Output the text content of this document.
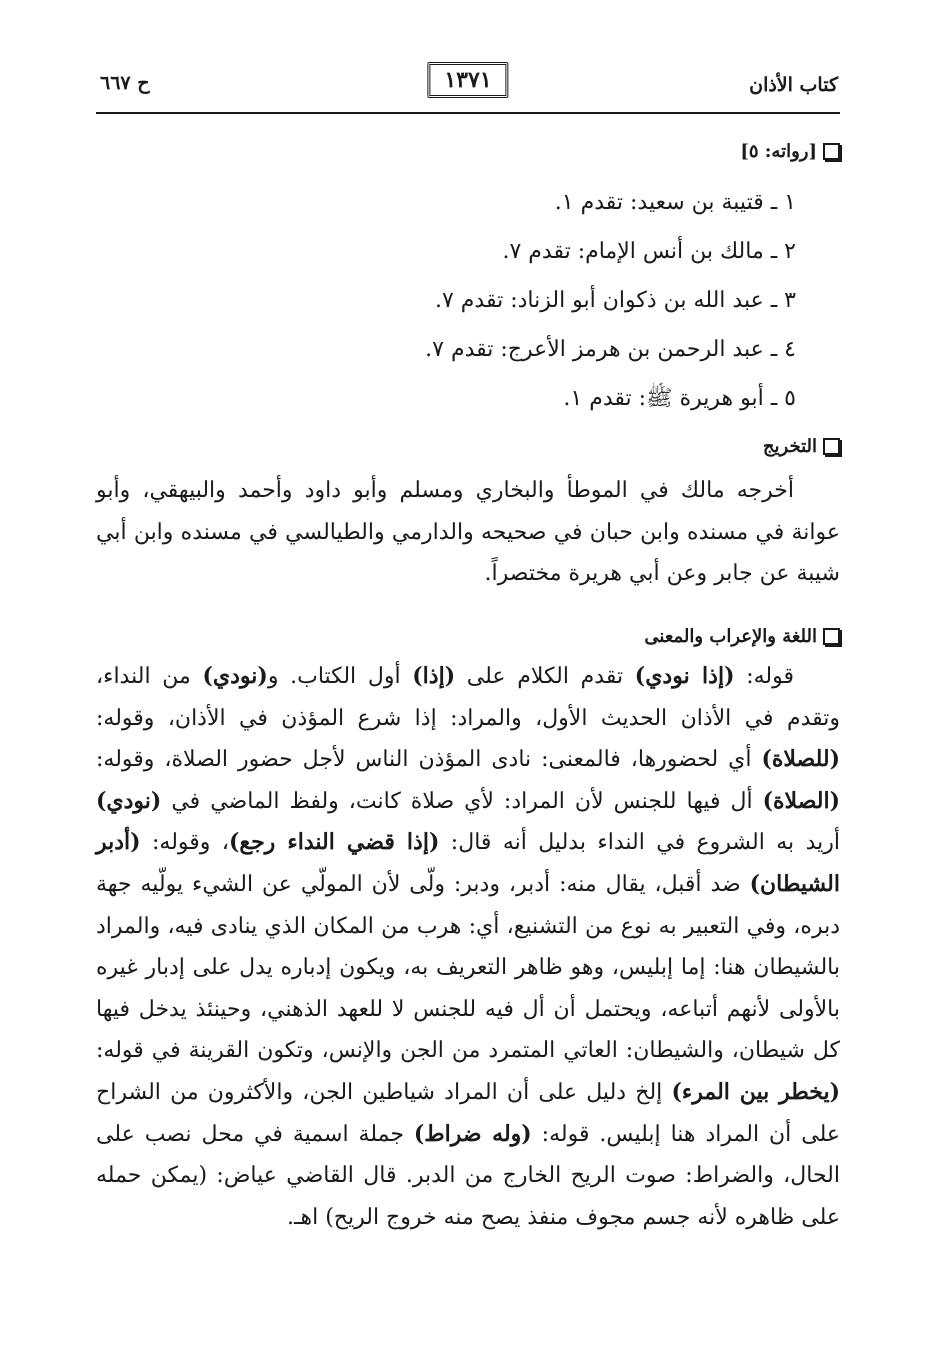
كتاب الأذان
١٣٧١
ح ٦٦٧
[رواته: ٥]
١ ـ قتيبة بن سعيد: تقدم ١.
٢ ـ مالك بن أنس الإمام: تقدم ٧.
٣ ـ عبد الله بن ذكوان أبو الزناد: تقدم ٧.
٤ ـ عبد الرحمن بن هرمز الأعرج: تقدم ٧.
٥ ـ أبو هريرة ﷺ: تقدم ١.
التخريج

أخرجه مالك في الموطأ والبخاري ومسلم وأبو داود وأحمد والبيهقي، وأبو عوانة في مسنده وابن حبان في صحيحه والدارمي والطيالسي في مسنده وابن أبي شيبة عن جابر وعن أبي هريرة مختصراً.

اللغة والإعراب والمعنى

قوله: (إذا نودي) تقدم الكلام على (إذا) أول الكتاب. و(نودي) من النداء، وتقدم في الأذان الحديث الأول، والمراد: إذا شرع المؤذن في الأذان، وقوله: (للصلاة) أي لحضورها، فالمعنى: نادى المؤذن الناس لأجل حضور الصلاة، وقوله: (الصلاة) أل فيها للجنس لأن المراد: لأي صلاة كانت، ولفظ الماضي في (نودي) أريد به الشروع في النداء بدليل أنه قال: (إذا قضي النداء رجع)، وقوله: (أدبر الشيطان) ضد أقبل، يقال منه: أدبر، ودبر: ولّى لأن المولّي عن الشيء يولّيه جهة دبره، وفي التعبير به نوع من التشنيع، أي: هرب من المكان الذي ينادى فيه، والمراد بالشيطان هنا: إما إبليس، وهو ظاهر التعريف به، ويكون إدباره يدل على إدبار غيره بالأولى لأنهم أتباعه، ويحتمل أن أل فيه للجنس لا للعهد الذهني، وحينئذ يدخل فيها كل شيطان، والشيطان: العاتي المتمرد من الجن والإنس، وتكون القرينة في قوله: (يخطر بين المرء) إلخ دليل على أن المراد شياطين الجن، والأكثرون من الشراح على أن المراد هنا إبليس. قوله: (وله ضراط) جملة اسمية في محل نصب على الحال، والضراط: صوت الريح الخارج من الدبر. قال القاضي عياض: (يمكن حمله على ظاهره لأنه جسم مجوف منفذ يصح منه خروج الريح) اهـ.
